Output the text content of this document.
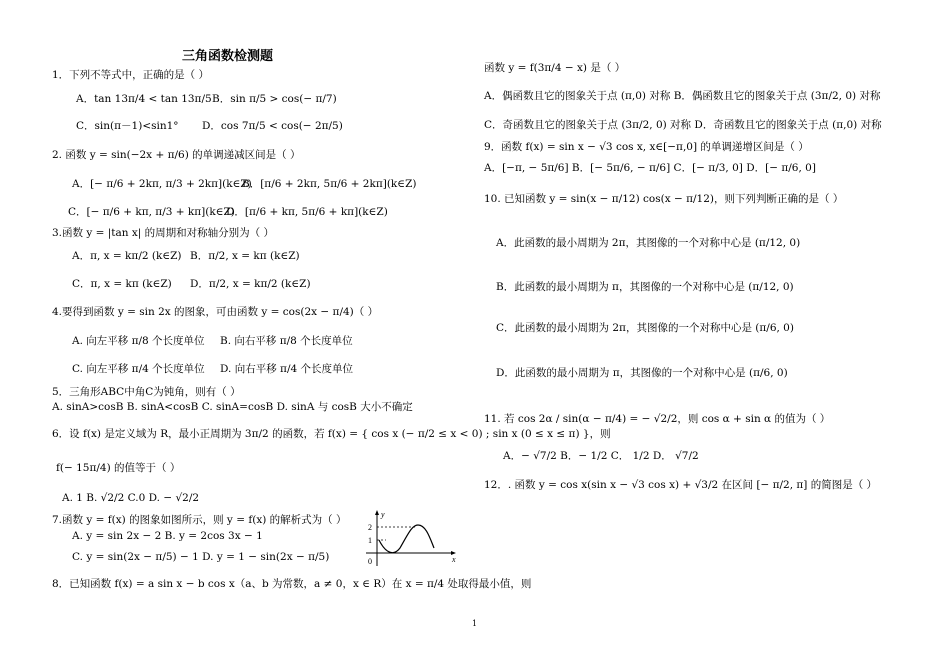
三角函数检测题
1．下列不等式中，正确的是（ ）
A．tan 13π/4 < tan 13π/5 B．sin π/5 > cos(− π/7)
C．sin(π－1)<sin1° D．cos 7π/5 < cos(− 2π/5)
2. 函数 y = sin(−2x + π/6) 的单调递减区间是（ ）
A．[− π/6 + 2kπ, π/3 + 2kπ](k∈Z)
B．[π/6 + 2kπ, 5π/6 + 2kπ](k∈Z)
C．[− π/6 + kπ, π/3 + kπ](k∈Z)
D．[π/6 + kπ, 5π/6 + kπ](k∈Z)
3.函数 y = |tan x| 的周期和对称轴分别为（ ）
A．π, x = kπ/2 (k∈Z) B．π/2, x = kπ (k∈Z)
C．π, x = kπ (k∈Z) D．π/2, x = kπ/2 (k∈Z)
4.要得到函数 y = sin 2x 的图象，可由函数 y = cos(2x − π/4)（ ）
A. 向左平移 π/8 个长度单位 B. 向右平移 π/8 个长度单位
C. 向左平移 π/4 个长度单位 D. 向右平移 π/4 个长度单位
5．三角形ABC中角C为钝角，则有（ ）
A. sinA>cosB B. sinA<cosB C. sinA=cosB D. sinA 与 cosB 大小不确定
6．设 f(x) 是定义域为 R，最小正周期为 3π/2 的函数，若 f(x) = { cos x (− π/2 ≤ x < 0) ; sin x (0 ≤ x ≤ π) }，则
f(− 15π/4) 的值等于（ ）
A. 1 B. √2/2 C.0 D. − √2/2
7.函数 y = f(x) 的图象如图所示，则 y = f(x) 的解析式为（ ）
A. y = sin 2x − 2 B. y = 2cos 3x − 1
C. y = sin(2x − π/5) − 1 D. y = 1 − sin(2x − π/5)
8．已知函数 f(x) = a sin x − b cos x（a、b 为常数，a ≠ 0，x ∈ R）在 x = π/4 处取得最小值，则
函数 y = f(3π/4 − x) 是（ ）
A．偶函数且它的图象关于点 (π,0) 对称 B．偶函数且它的图象关于点 (3π/2, 0) 对称
C．奇函数且它的图象关于点 (3π/2, 0) 对称 D．奇函数且它的图象关于点 (π,0) 对称
9．函数 f(x) = sin x − √3 cos x, x∈[−π,0] 的单调递增区间是（ ）
A．[−π, − 5π/6] B．[− 5π/6, − π/6] C．[− π/3, 0] D．[− π/6, 0]
10. 已知函数 y = sin(x − π/12) cos(x − π/12)，则下列判断正确的是（ ）
A．此函数的最小周期为 2π，其图像的一个对称中心是 (π/12, 0)
B．此函数的最小周期为 π，其图像的一个对称中心是 (π/12, 0)
C．此函数的最小周期为 2π，其图像的一个对称中心是 (π/6, 0)
D．此函数的最小周期为 π，其图像的一个对称中心是 (π/6, 0)
11. 若 cos 2α / sin(α − π/4) = − √2/2，则 cos α + sin α 的值为（ ）
A．− √7/2 B．− 1/2 C． 1/2 D． √7/2
12．. 函数 y = cos x(sin x − √3 cos x) + √3/2 在区间 [− π/2, π] 的简图是（ ）
y
x
2
1
0
1
